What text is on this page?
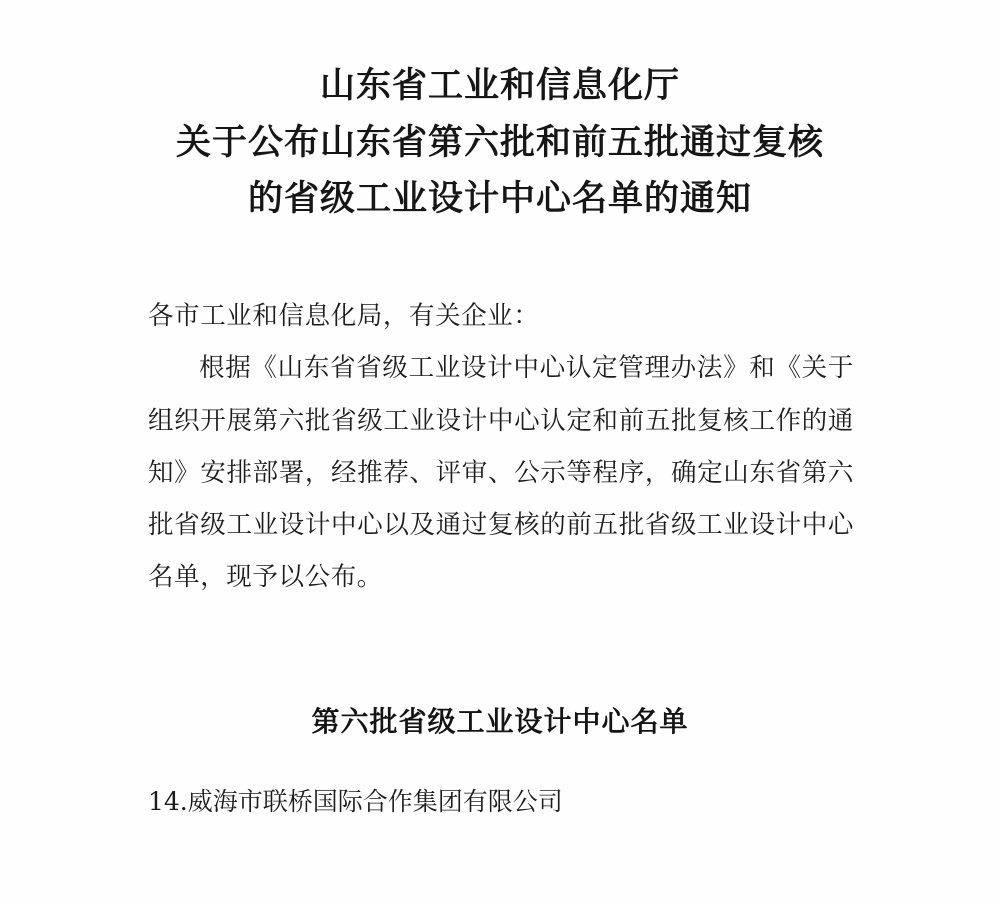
山东省工业和信息化厅
关于公布山东省第六批和前五批通过复核
的省级工业设计中心名单的通知

各市工业和信息化局，有关企业：

根据《山东省省级工业设计中心认定管理办法》和《关于组织开展第六批省级工业设计中心认定和前五批复核工作的通知》安排部署，经推荐、评审、公示等程序，确定山东省第六批省级工业设计中心以及通过复核的前五批省级工业设计中心名单，现予以公布。

第六批省级工业设计中心名单

14.威海市联桥国际合作集团有限公司
